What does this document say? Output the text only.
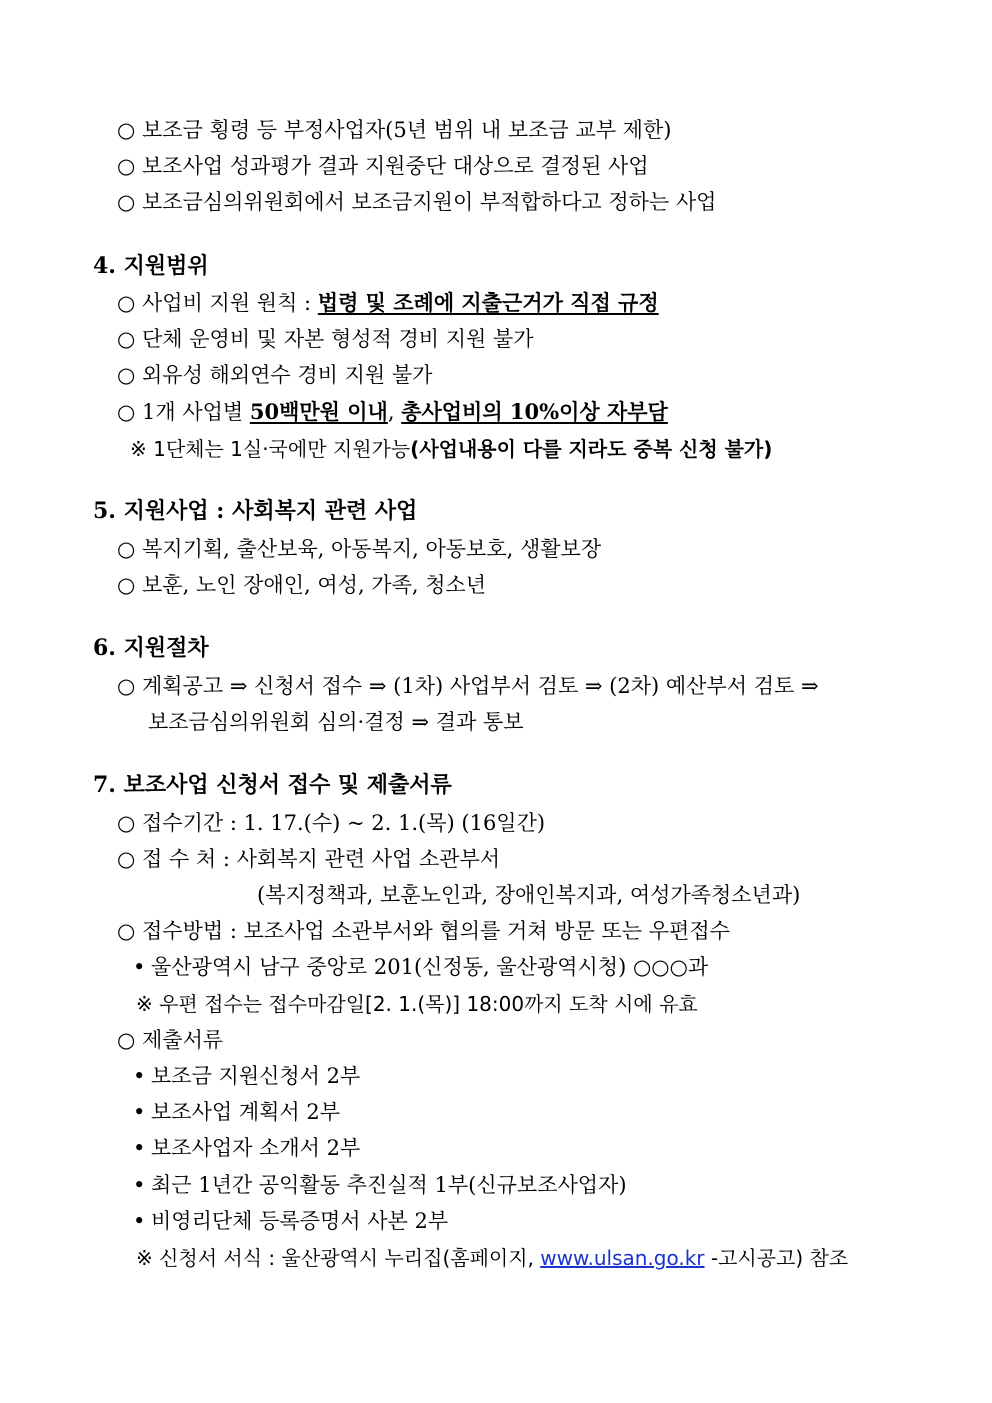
○ 보조금 횡령 등 부정사업자(5년 범위 내 보조금 교부 제한)
○ 보조사업 성과평가 결과 지원중단 대상으로 결정된 사업
○ 보조금심의위원회에서 보조금지원이 부적합하다고 정하는 사업
4. 지원범위
○ 사업비 지원 원칙 : 법령 및 조례에 지출근거가 직접 규정
○ 단체 운영비 및 자본 형성적 경비 지원 불가
○ 외유성 해외연수 경비 지원 불가
○ 1개 사업별 50백만원 이내, 총사업비의 10%이상 자부담
※ 1단체는 1실·국에만 지원가능(사업내용이 다를 지라도 중복 신청 불가)
5. 지원사업 : 사회복지 관련 사업
○ 복지기획, 출산보육, 아동복지, 아동보호, 생활보장
○ 보훈, 노인 장애인, 여성, 가족, 청소년
6. 지원절차
○ 계획공고 ⇒ 신청서 접수 ⇒ (1차) 사업부서 검토 ⇒ (2차) 예산부서 검토 ⇒
보조금심의위원회 심의·결정 ⇒ 결과 통보
7. 보조사업 신청서 접수 및 제출서류
○ 접수기간 : 1. 17.(수) ~ 2. 1.(목) (16일간)
○ 접 수 처 : 사회복지 관련 사업 소관부서
(복지정책과, 보훈노인과, 장애인복지과, 여성가족청소년과)
○ 접수방법 : 보조사업 소관부서와 협의를 거쳐 방문 또는 우편접수
• 울산광역시 남구 중앙로 201(신정동, 울산광역시청) ○○○과
※ 우편 접수는 접수마감일[2. 1.(목)] 18:00까지 도착 시에 유효
○ 제출서류
• 보조금 지원신청서 2부
• 보조사업 계획서 2부
• 보조사업자 소개서 2부
• 최근 1년간 공익활동 추진실적 1부(신규보조사업자)
• 비영리단체 등록증명서 사본 2부
※ 신청서 서식 : 울산광역시 누리집(홈페이지, www.ulsan.go.kr -고시공고) 참조
